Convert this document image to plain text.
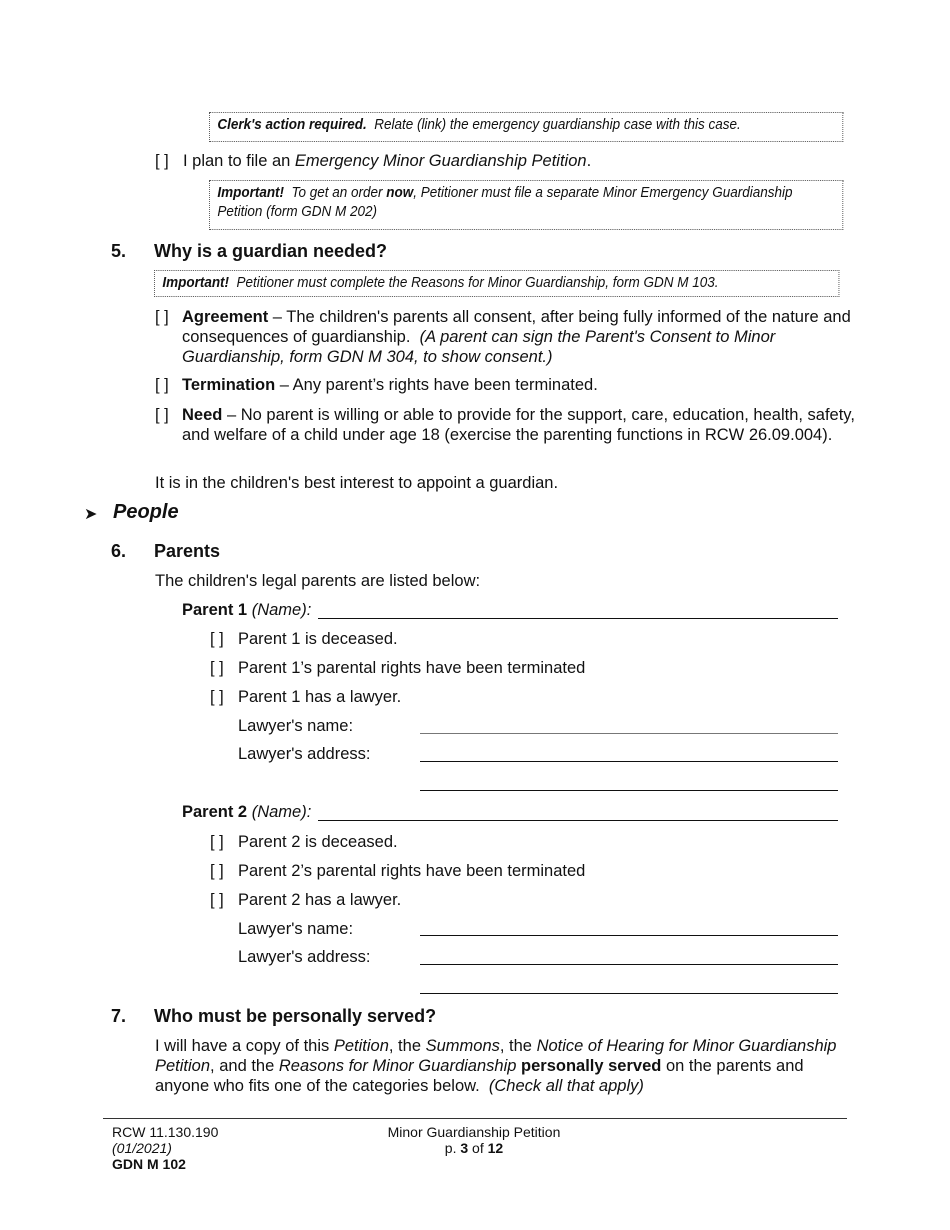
Clerk's action required. Relate (link) the emergency guardianship case with this case.
[ ] I plan to file an Emergency Minor Guardianship Petition.
Important! To get an order now, Petitioner must file a separate Minor Emergency Guardianship Petition (form GDN M 202)
5. Why is a guardian needed?
Important! Petitioner must complete the Reasons for Minor Guardianship, form GDN M 103.
[ ] Agreement – The children's parents all consent, after being fully informed of the nature and consequences of guardianship. (A parent can sign the Parent's Consent to Minor Guardianship, form GDN M 304, to show consent.)
[ ] Termination – Any parent’s rights have been terminated.
[ ] Need – No parent is willing or able to provide for the support, care, education, health, safety, and welfare of a child under age 18 (exercise the parenting functions in RCW 26.09.004).
It is in the children's best interest to appoint a guardian.
➤ People
6. Parents
The children's legal parents are listed below:
Parent 1 (Name):
[ ] Parent 1 is deceased.
[ ] Parent 1’s parental rights have been terminated
[ ] Parent 1 has a lawyer.
Lawyer's name:
Lawyer's address:
Parent 2 (Name):
[ ] Parent 2 is deceased.
[ ] Parent 2’s parental rights have been terminated
[ ] Parent 2 has a lawyer.
Lawyer's name:
Lawyer's address:
7. Who must be personally served?
I will have a copy of this Petition, the Summons, the Notice of Hearing for Minor Guardianship Petition, and the Reasons for Minor Guardianship personally served on the parents and anyone who fits one of the categories below. (Check all that apply)
RCW 11.130.190
(01/2021)
GDN M 102
Minor Guardianship Petition
p. 3 of 12
